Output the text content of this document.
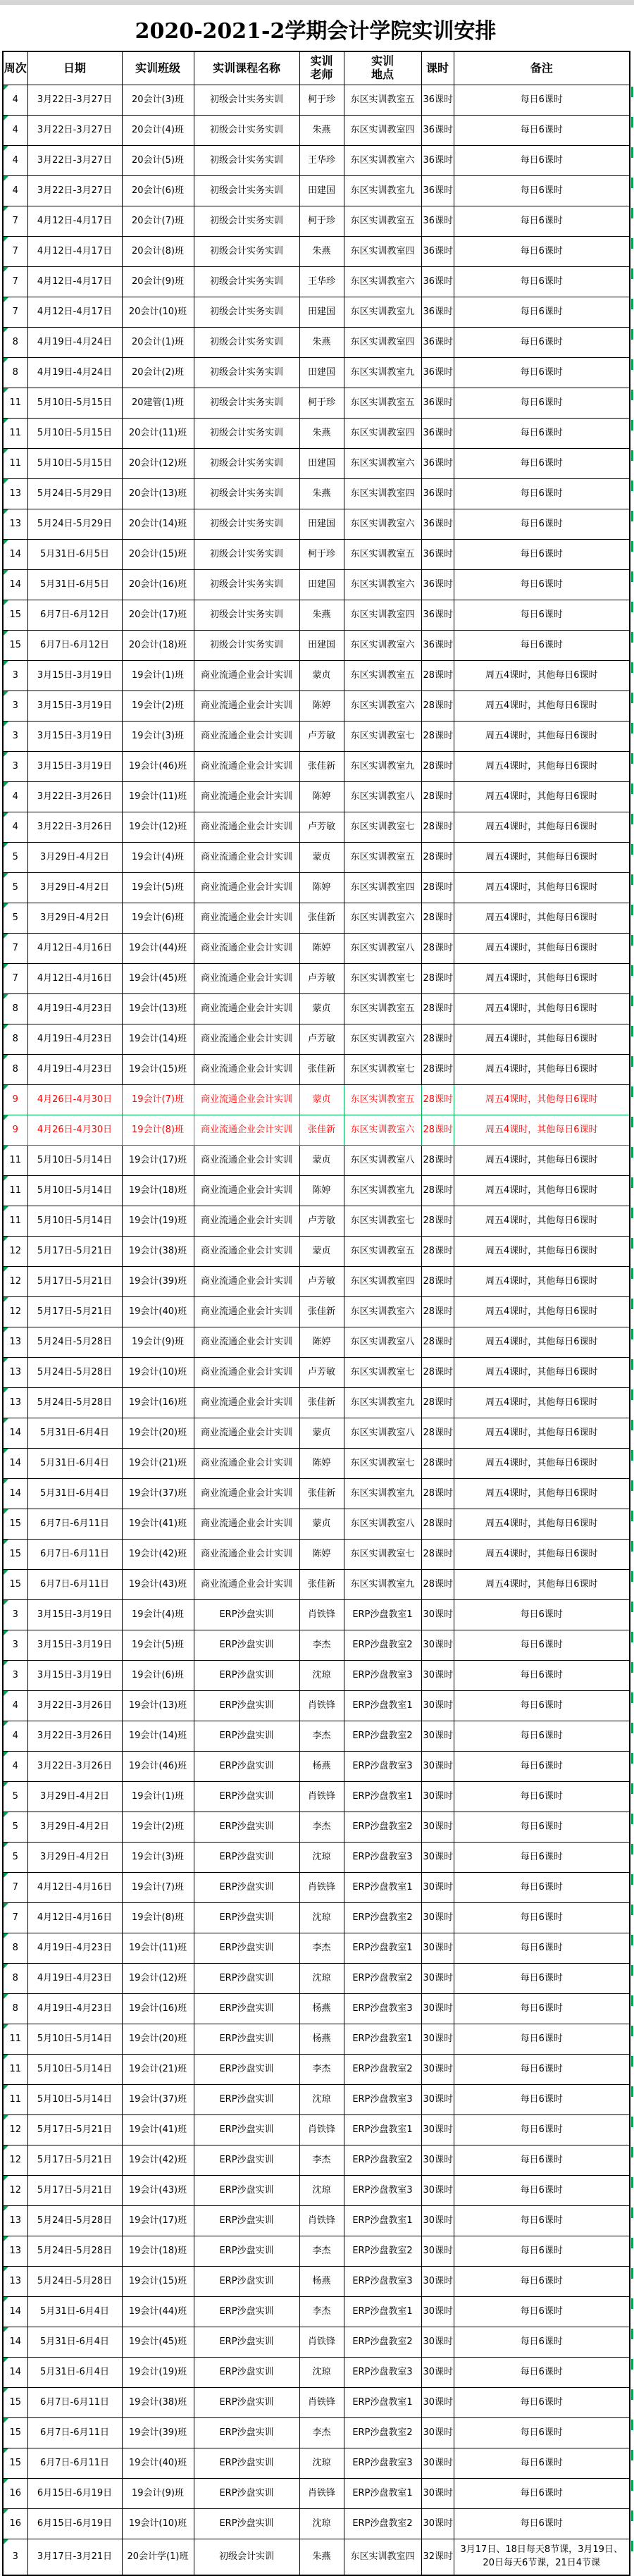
2020-2021-2学期会计学院实训安排
周次	日期	实训班级	实训课程名称	实训老师	实训地点	课时	备注
4	3月22日-3月27日	20会计(3)班	初级会计实务实训	柯于珍	东区实训教室五	36课时	每日6课时
4	3月22日-3月27日	20会计(4)班	初级会计实务实训	朱燕	东区实训教室四	36课时	每日6课时
4	3月22日-3月27日	20会计(5)班	初级会计实务实训	王华珍	东区实训教室六	36课时	每日6课时
4	3月22日-3月27日	20会计(6)班	初级会计实务实训	田建国	东区实训教室九	36课时	每日6课时
7	4月12日-4月17日	20会计(7)班	初级会计实务实训	柯于珍	东区实训教室五	36课时	每日6课时
7	4月12日-4月17日	20会计(8)班	初级会计实务实训	朱燕	东区实训教室四	36课时	每日6课时
7	4月12日-4月17日	20会计(9)班	初级会计实务实训	王华珍	东区实训教室六	36课时	每日6课时
7	4月12日-4月17日	20会计(10)班	初级会计实务实训	田建国	东区实训教室九	36课时	每日6课时
8	4月19日-4月24日	20会计(1)班	初级会计实务实训	朱燕	东区实训教室四	36课时	每日6课时
8	4月19日-4月24日	20会计(2)班	初级会计实务实训	田建国	东区实训教室九	36课时	每日6课时
11	5月10日-5月15日	20建管(1)班	初级会计实务实训	柯于珍	东区实训教室五	36课时	每日6课时
11	5月10日-5月15日	20会计(11)班	初级会计实务实训	朱燕	东区实训教室四	36课时	每日6课时
11	5月10日-5月15日	20会计(12)班	初级会计实务实训	田建国	东区实训教室六	36课时	每日6课时
13	5月24日-5月29日	20会计(13)班	初级会计实务实训	朱燕	东区实训教室四	36课时	每日6课时
13	5月24日-5月29日	20会计(14)班	初级会计实务实训	田建国	东区实训教室六	36课时	每日6课时
14	5月31日-6月5日	20会计(15)班	初级会计实务实训	柯于珍	东区实训教室五	36课时	每日6课时
14	5月31日-6月5日	20会计(16)班	初级会计实务实训	田建国	东区实训教室六	36课时	每日6课时
15	6月7日-6月12日	20会计(17)班	初级会计实务实训	朱燕	东区实训教室四	36课时	每日6课时
15	6月7日-6月12日	20会计(18)班	初级会计实务实训	田建国	东区实训教室六	36课时	每日6课时
3	3月15日-3月19日	19会计(1)班	商业流通企业会计实训	蒙贞	东区实训教室五	28课时	周五4课时，其他每日6课时
3	3月15日-3月19日	19会计(2)班	商业流通企业会计实训	陈婷	东区实训教室六	28课时	周五4课时，其他每日6课时
3	3月15日-3月19日	19会计(3)班	商业流通企业会计实训	卢芳敏	东区实训教室七	28课时	周五4课时，其他每日6课时
3	3月15日-3月19日	19会计(46)班	商业流通企业会计实训	张佳新	东区实训教室九	28课时	周五4课时，其他每日6课时
4	3月22日-3月26日	19会计(11)班	商业流通企业会计实训	陈婷	东区实训教室八	28课时	周五4课时，其他每日6课时
4	3月22日-3月26日	19会计(12)班	商业流通企业会计实训	卢芳敏	东区实训教室七	28课时	周五4课时，其他每日6课时
5	3月29日-4月2日	19会计(4)班	商业流通企业会计实训	蒙贞	东区实训教室五	28课时	周五4课时，其他每日6课时
5	3月29日-4月2日	19会计(5)班	商业流通企业会计实训	陈婷	东区实训教室四	28课时	周五4课时，其他每日6课时
5	3月29日-4月2日	19会计(6)班	商业流通企业会计实训	张佳新	东区实训教室六	28课时	周五4课时，其他每日6课时
7	4月12日-4月16日	19会计(44)班	商业流通企业会计实训	陈婷	东区实训教室八	28课时	周五4课时，其他每日6课时
7	4月12日-4月16日	19会计(45)班	商业流通企业会计实训	卢芳敏	东区实训教室七	28课时	周五4课时，其他每日6课时
8	4月19日-4月23日	19会计(13)班	商业流通企业会计实训	蒙贞	东区实训教室五	28课时	周五4课时，其他每日6课时
8	4月19日-4月23日	19会计(14)班	商业流通企业会计实训	卢芳敏	东区实训教室六	28课时	周五4课时，其他每日6课时
8	4月19日-4月23日	19会计(15)班	商业流通企业会计实训	张佳新	东区实训教室七	28课时	周五4课时，其他每日6课时
9	4月26日-4月30日	19会计(7)班	商业流通企业会计实训	蒙贞	东区实训教室五	28课时	周五4课时，其他每日6课时
9	4月26日-4月30日	19会计(8)班	商业流通企业会计实训	张佳新	东区实训教室六	28课时	周五4课时，其他每日6课时
11	5月10日-5月14日	19会计(17)班	商业流通企业会计实训	蒙贞	东区实训教室八	28课时	周五4课时，其他每日6课时
11	5月10日-5月14日	19会计(18)班	商业流通企业会计实训	陈婷	东区实训教室九	28课时	周五4课时，其他每日6课时
11	5月10日-5月14日	19会计(19)班	商业流通企业会计实训	卢芳敏	东区实训教室七	28课时	周五4课时，其他每日6课时
12	5月17日-5月21日	19会计(38)班	商业流通企业会计实训	蒙贞	东区实训教室五	28课时	周五4课时，其他每日6课时
12	5月17日-5月21日	19会计(39)班	商业流通企业会计实训	卢芳敏	东区实训教室四	28课时	周五4课时，其他每日6课时
12	5月17日-5月21日	19会计(40)班	商业流通企业会计实训	张佳新	东区实训教室六	28课时	周五4课时，其他每日6课时
13	5月24日-5月28日	19会计(9)班	商业流通企业会计实训	陈婷	东区实训教室八	28课时	周五4课时，其他每日6课时
13	5月24日-5月28日	19会计(10)班	商业流通企业会计实训	卢芳敏	东区实训教室七	28课时	周五4课时，其他每日6课时
13	5月24日-5月28日	19会计(16)班	商业流通企业会计实训	张佳新	东区实训教室九	28课时	周五4课时，其他每日6课时
14	5月31日-6月4日	19会计(20)班	商业流通企业会计实训	蒙贞	东区实训教室八	28课时	周五4课时，其他每日6课时
14	5月31日-6月4日	19会计(21)班	商业流通企业会计实训	陈婷	东区实训教室七	28课时	周五4课时，其他每日6课时
14	5月31日-6月4日	19会计(37)班	商业流通企业会计实训	张佳新	东区实训教室九	28课时	周五4课时，其他每日6课时
15	6月7日-6月11日	19会计(41)班	商业流通企业会计实训	蒙贞	东区实训教室八	28课时	周五4课时，其他每日6课时
15	6月7日-6月11日	19会计(42)班	商业流通企业会计实训	陈婷	东区实训教室七	28课时	周五4课时，其他每日6课时
15	6月7日-6月11日	19会计(43)班	商业流通企业会计实训	张佳新	东区实训教室九	28课时	周五4课时，其他每日6课时
3	3月15日-3月19日	19会计(4)班	ERP沙盘实训	肖铁锋	ERP沙盘教室1	30课时	每日6课时
3	3月15日-3月19日	19会计(5)班	ERP沙盘实训	李杰	ERP沙盘教室2	30课时	每日6课时
3	3月15日-3月19日	19会计(6)班	ERP沙盘实训	沈琼	ERP沙盘教室3	30课时	每日6课时
4	3月22日-3月26日	19会计(13)班	ERP沙盘实训	肖铁锋	ERP沙盘教室1	30课时	每日6课时
4	3月22日-3月26日	19会计(14)班	ERP沙盘实训	李杰	ERP沙盘教室2	30课时	每日6课时
4	3月22日-3月26日	19会计(46)班	ERP沙盘实训	杨燕	ERP沙盘教室3	30课时	每日6课时
5	3月29日-4月2日	19会计(1)班	ERP沙盘实训	肖铁锋	ERP沙盘教室1	30课时	每日6课时
5	3月29日-4月2日	19会计(2)班	ERP沙盘实训	李杰	ERP沙盘教室2	30课时	每日6课时
5	3月29日-4月2日	19会计(3)班	ERP沙盘实训	沈琼	ERP沙盘教室3	30课时	每日6课时
7	4月12日-4月16日	19会计(7)班	ERP沙盘实训	肖铁锋	ERP沙盘教室1	30课时	每日6课时
7	4月12日-4月16日	19会计(8)班	ERP沙盘实训	沈琼	ERP沙盘教室2	30课时	每日6课时
8	4月19日-4月23日	19会计(11)班	ERP沙盘实训	李杰	ERP沙盘教室1	30课时	每日6课时
8	4月19日-4月23日	19会计(12)班	ERP沙盘实训	沈琼	ERP沙盘教室2	30课时	每日6课时
8	4月19日-4月23日	19会计(16)班	ERP沙盘实训	杨燕	ERP沙盘教室3	30课时	每日6课时
11	5月10日-5月14日	19会计(20)班	ERP沙盘实训	杨燕	ERP沙盘教室1	30课时	每日6课时
11	5月10日-5月14日	19会计(21)班	ERP沙盘实训	李杰	ERP沙盘教室2	30课时	每日6课时
11	5月10日-5月14日	19会计(37)班	ERP沙盘实训	沈琼	ERP沙盘教室3	30课时	每日6课时
12	5月17日-5月21日	19会计(41)班	ERP沙盘实训	肖铁锋	ERP沙盘教室1	30课时	每日6课时
12	5月17日-5月21日	19会计(42)班	ERP沙盘实训	李杰	ERP沙盘教室2	30课时	每日6课时
12	5月17日-5月21日	19会计(43)班	ERP沙盘实训	沈琼	ERP沙盘教室3	30课时	每日6课时
13	5月24日-5月28日	19会计(17)班	ERP沙盘实训	肖铁锋	ERP沙盘教室1	30课时	每日6课时
13	5月24日-5月28日	19会计(18)班	ERP沙盘实训	李杰	ERP沙盘教室2	30课时	每日6课时
13	5月24日-5月28日	19会计(15)班	ERP沙盘实训	杨燕	ERP沙盘教室3	30课时	每日6课时
14	5月31日-6月4日	19会计(44)班	ERP沙盘实训	李杰	ERP沙盘教室1	30课时	每日6课时
14	5月31日-6月4日	19会计(45)班	ERP沙盘实训	肖铁锋	ERP沙盘教室2	30课时	每日6课时
14	5月31日-6月4日	19会计(19)班	ERP沙盘实训	沈琼	ERP沙盘教室3	30课时	每日6课时
15	6月7日-6月11日	19会计(38)班	ERP沙盘实训	肖铁锋	ERP沙盘教室1	30课时	每日6课时
15	6月7日-6月11日	19会计(39)班	ERP沙盘实训	李杰	ERP沙盘教室2	30课时	每日6课时
15	6月7日-6月11日	19会计(40)班	ERP沙盘实训	沈琼	ERP沙盘教室3	30课时	每日6课时
16	6月15日-6月19日	19会计(9)班	ERP沙盘实训	肖铁锋	ERP沙盘教室1	30课时	每日6课时
16	6月15日-6月19日	19会计(10)班	ERP沙盘实训	沈琼	ERP沙盘教室2	30课时	每日6课时
3	3月17日-3月21日	20会计学(1)班	初级会计实训	朱燕	东区实训教室四	32课时	3月17日、18日每天8节课，3月19日、20日每天6节课，21日4节课
